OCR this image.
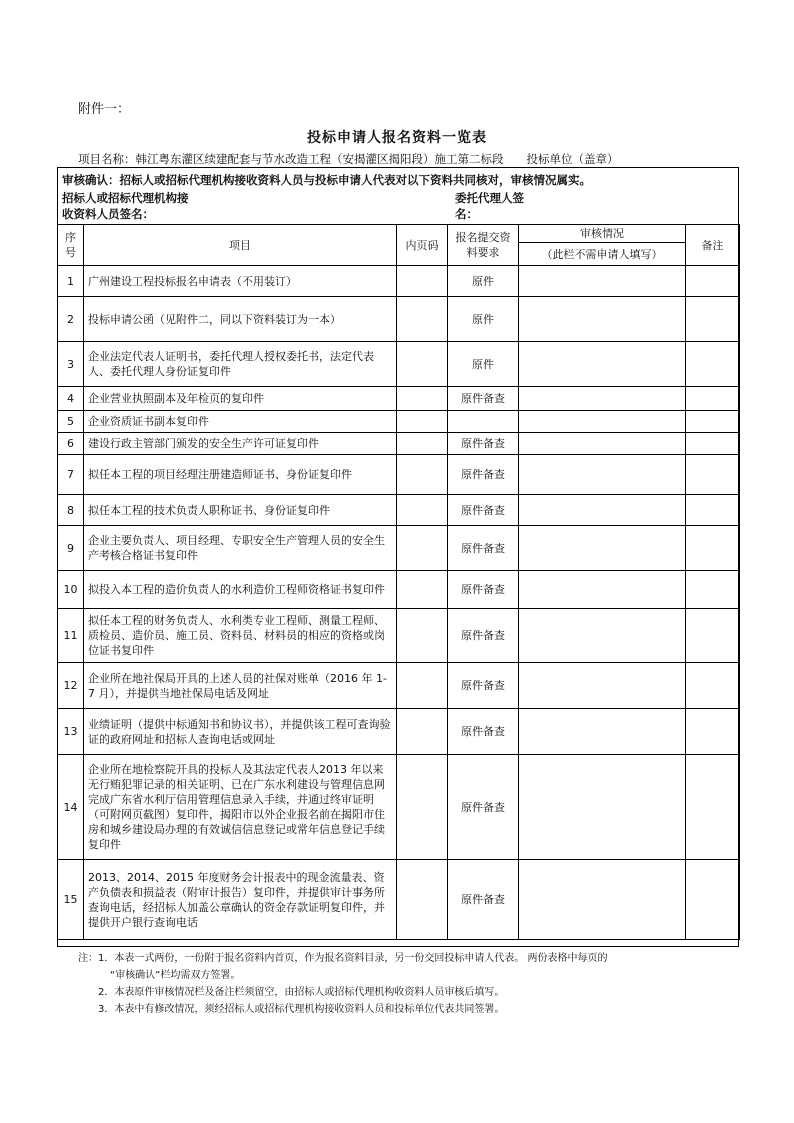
附件一：
投标申请人报名资料一览表
项目名称：韩江粤东灌区续建配套与节水改造工程（安揭灌区揭阳段）施工第二标段　　投标单位（盖章）
审核确认：招标人或招标代理机构接收资料人员与投标申请人代表对以下资料共同核对，审核情况属实。
招标人或招标代理机构接
收资料人员签名：
委托代理人签
名：
序号	项目	内页码	报名提交资料要求	审核情况	备注
				（此栏不需申请人填写）	
1	广州建设工程投标报名申请表（不用装订）		原件		
2	投标申请公函（见附件二，同以下资料装订为一本）		原件		
3	企业法定代表人证明书，委托代理人授权委托书，法定代表人、委托代理人身份证复印件		原件		
4	企业营业执照副本及年检页的复印件		原件备查		
5	企业资质证书副本复印件				
6	建设行政主管部门颁发的安全生产许可证复印件		原件备查		
7	拟任本工程的项目经理注册建造师证书、身份证复印件		原件备查		
8	拟任本工程的技术负责人职称证书、身份证复印件		原件备查		
9	企业主要负责人、项目经理、专职安全生产管理人员的安全生产考核合格证书复印件		原件备查		
10	拟投入本工程的造价负责人的水利造价工程师资格证书复印件		原件备查		
11	拟任本工程的财务负责人、水利类专业工程师、测量工程师、质检员、造价员、施工员、资料员、材料员的相应的资格或岗位证书复印件		原件备查		
12	企业所在地社保局开具的上述人员的社保对账单（2016 年 1-7 月），并提供当地社保局电话及网址		原件备查		
13	业绩证明（提供中标通知书和协议书），并提供该工程可查询验证的政府网址和招标人查询电话或网址		原件备查		
14	企业所在地检察院开具的投标人及其法定代表人2013 年以来无行贿犯罪记录的相关证明、已在广东水利建设与管理信息网完成广东省水利厅信用管理信息录入手续，并通过终审证明（可附网页截图）复印件，揭阳市以外企业报名前在揭阳市住房和城乡建设局办理的有效诚信信息登记或常年信息登记手续复印件		原件备查		
15	2013、2014、2015 年度财务会计报表中的现金流量表、资产负债表和损益表（附审计报告）复印件，并提供审计事务所查询电话，经招标人加盖公章确认的资金存款证明复印件，并提供开户银行查询电话		原件备查		
注：1．本表一式两份，一份附于报名资料内首页，作为报名资料目录，另一份交回投标申请人代表。 两份表格中每页的
“审核确认”栏均需双方签署。
2．本表原件审核情况栏及备注栏须留空，由招标人或招标代理机构收资料人员审核后填写。
3．本表中有修改情况，须经招标人或招标代理机构接收资料人员和投标单位代表共同签署。
